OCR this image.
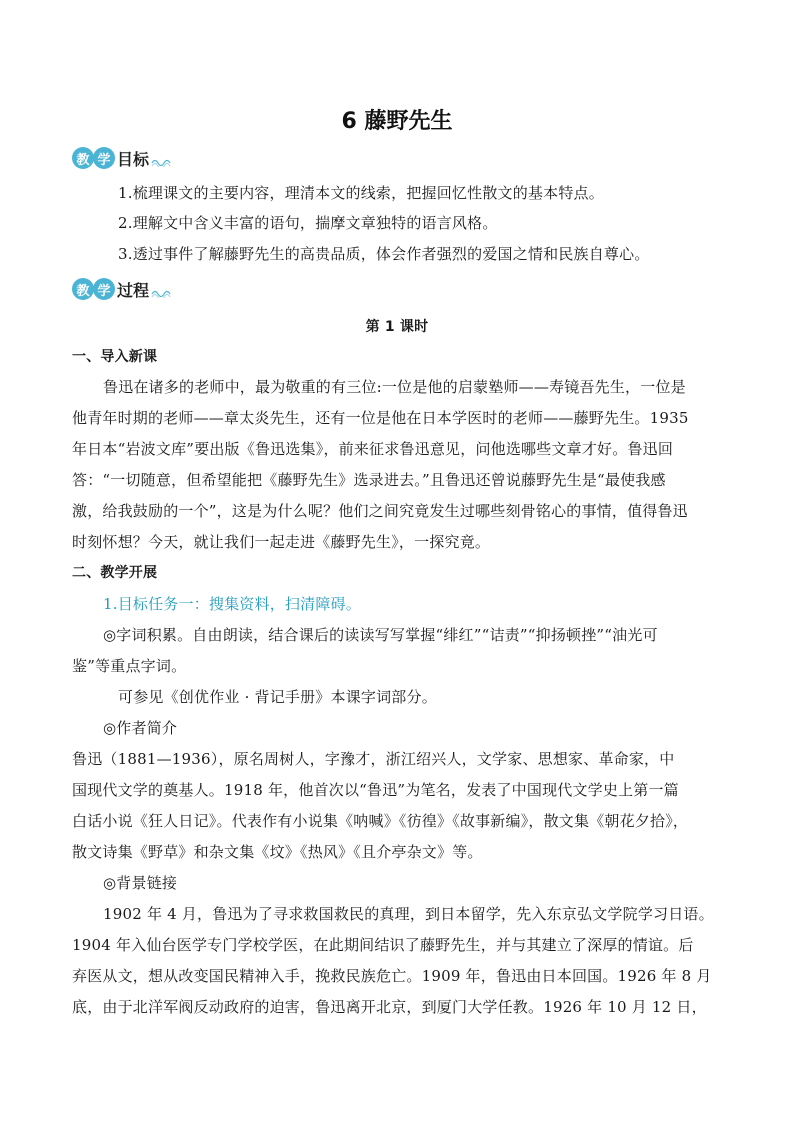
6 藤野先生
教 学 目标
1.梳理课文的主要内容，理清本文的线索，把握回忆性散文的基本特点。
2.理解文中含义丰富的语句，揣摩文章独特的语言风格。
3.透过事件了解藤野先生的高贵品质，体会作者强烈的爱国之情和民族自尊心。
教 学 过程
第 1 课时
一、导入新课
鲁迅在诸多的老师中，最为敬重的有三位:一位是他的启蒙塾师——寿镜吾先生，一位是
他青年时期的老师——章太炎先生，还有一位是他在日本学医时的老师——藤野先生。1935
年日本“岩波文库”要出版《鲁迅选集》，前来征求鲁迅意见，问他选哪些文章才好。鲁迅回
答：“一切随意，但希望能把《藤野先生》选录进去。”且鲁迅还曾说藤野先生是“最使我感
激，给我鼓励的一个”，这是为什么呢？他们之间究竟发生过哪些刻骨铭心的事情，值得鲁迅
时刻怀想？今天，就让我们一起走进《藤野先生》，一探究竟。
二、教学开展
1.目标任务一：搜集资料，扫清障碍。
◎字词积累。自由朗读，结合课后的读读写写掌握“绯红”“诘责”“抑扬顿挫”“油光可
鉴”等重点字词。
可参见《创优作业 · 背记手册》本课字词部分。
◎作者简介
鲁迅（1881—1936），原名周树人，字豫才，浙江绍兴人，文学家、思想家、革命家，中
国现代文学的奠基人。1918 年，他首次以“鲁迅”为笔名，发表了中国现代文学史上第一篇
白话小说《狂人日记》。代表作有小说集《呐喊》《彷徨》《故事新编》，散文集《朝花夕拾》，
散文诗集《野草》和杂文集《坟》《热风》《且介亭杂文》等。
◎背景链接
1902 年 4 月，鲁迅为了寻求救国救民的真理，到日本留学，先入东京弘文学院学习日语。
1904 年入仙台医学专门学校学医，在此期间结识了藤野先生，并与其建立了深厚的情谊。后
弃医从文，想从改变国民精神入手，挽救民族危亡。1909 年，鲁迅由日本回国。1926 年 8 月
底，由于北洋军阀反动政府的迫害，鲁迅离开北京，到厦门大学任教。1926 年 10 月 12 日，
